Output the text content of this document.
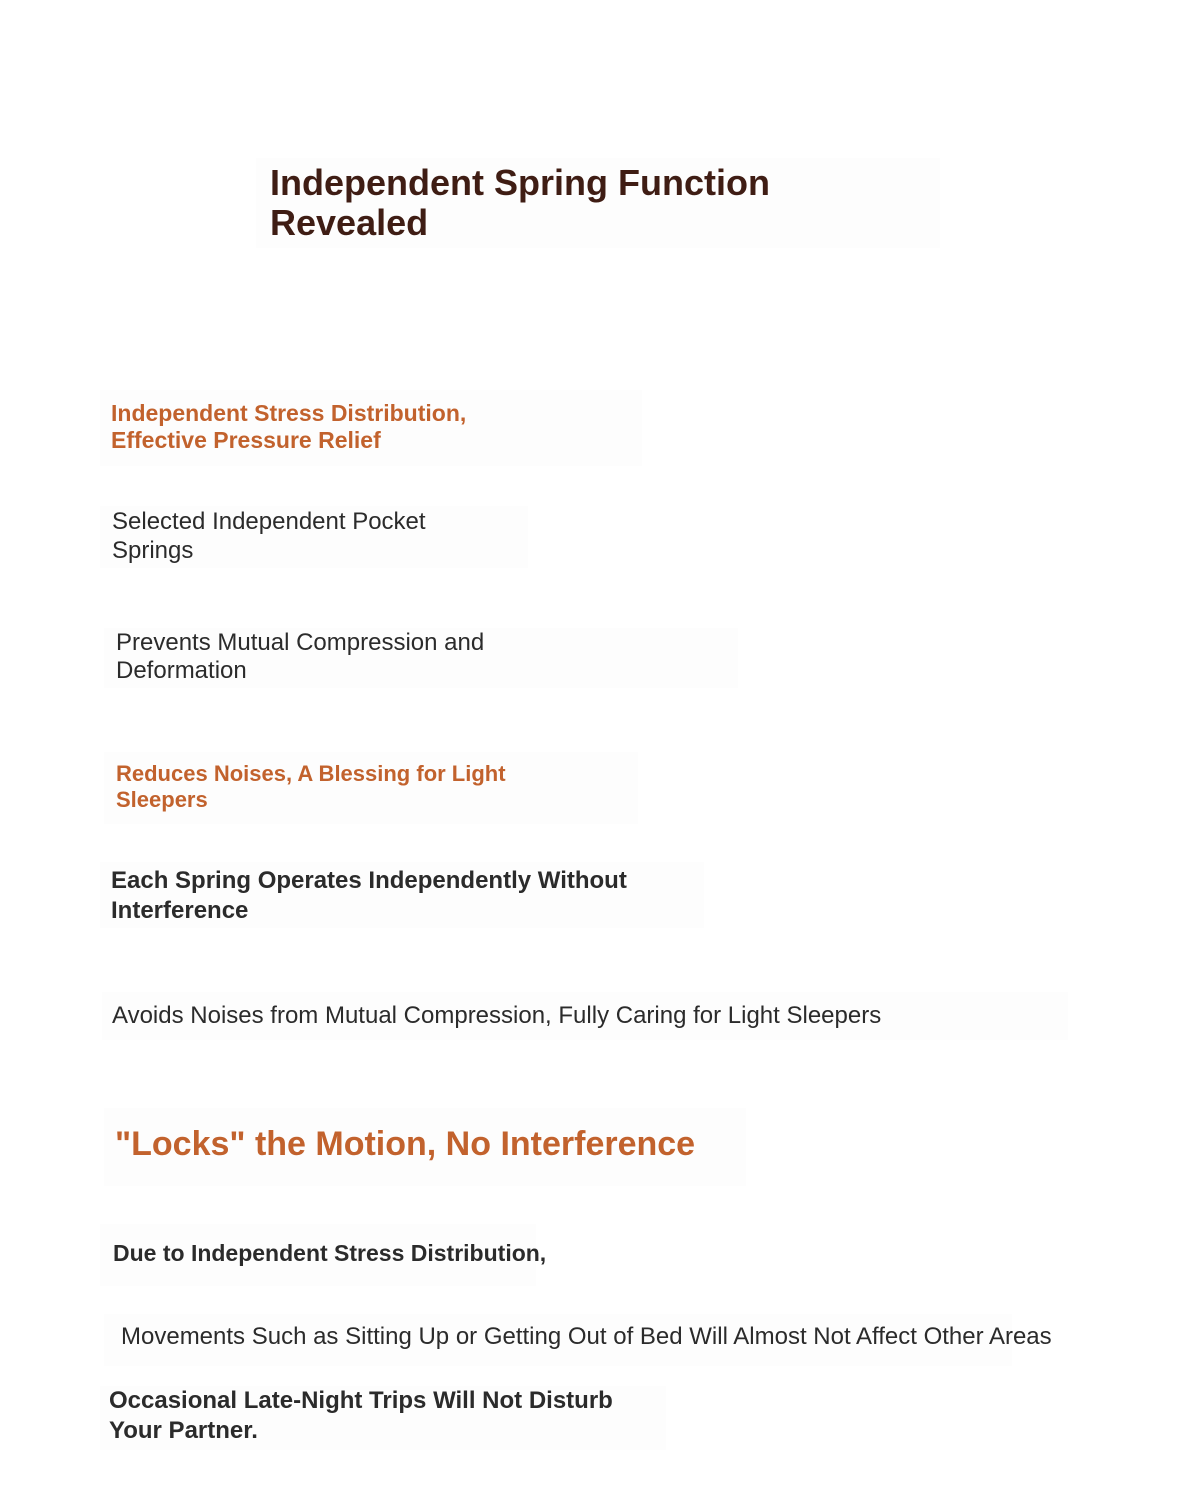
Independent Spring Function
Revealed
Independent Stress Distribution,
Effective Pressure Relief

Selected Independent Pocket
Springs

Prevents Mutual Compression and
Deformation

Reduces Noises, A Blessing for Light
Sleepers

Each Spring Operates Independently Without
Interference

Avoids Noises from Mutual Compression, Fully Caring for Light Sleepers

"Locks" the Motion, No Interference

Due to Independent Stress Distribution,

Movements Such as Sitting Up or Getting Out of Bed Will Almost Not Affect Other Areas

Occasional Late-Night Trips Will Not Disturb
Your Partner.
